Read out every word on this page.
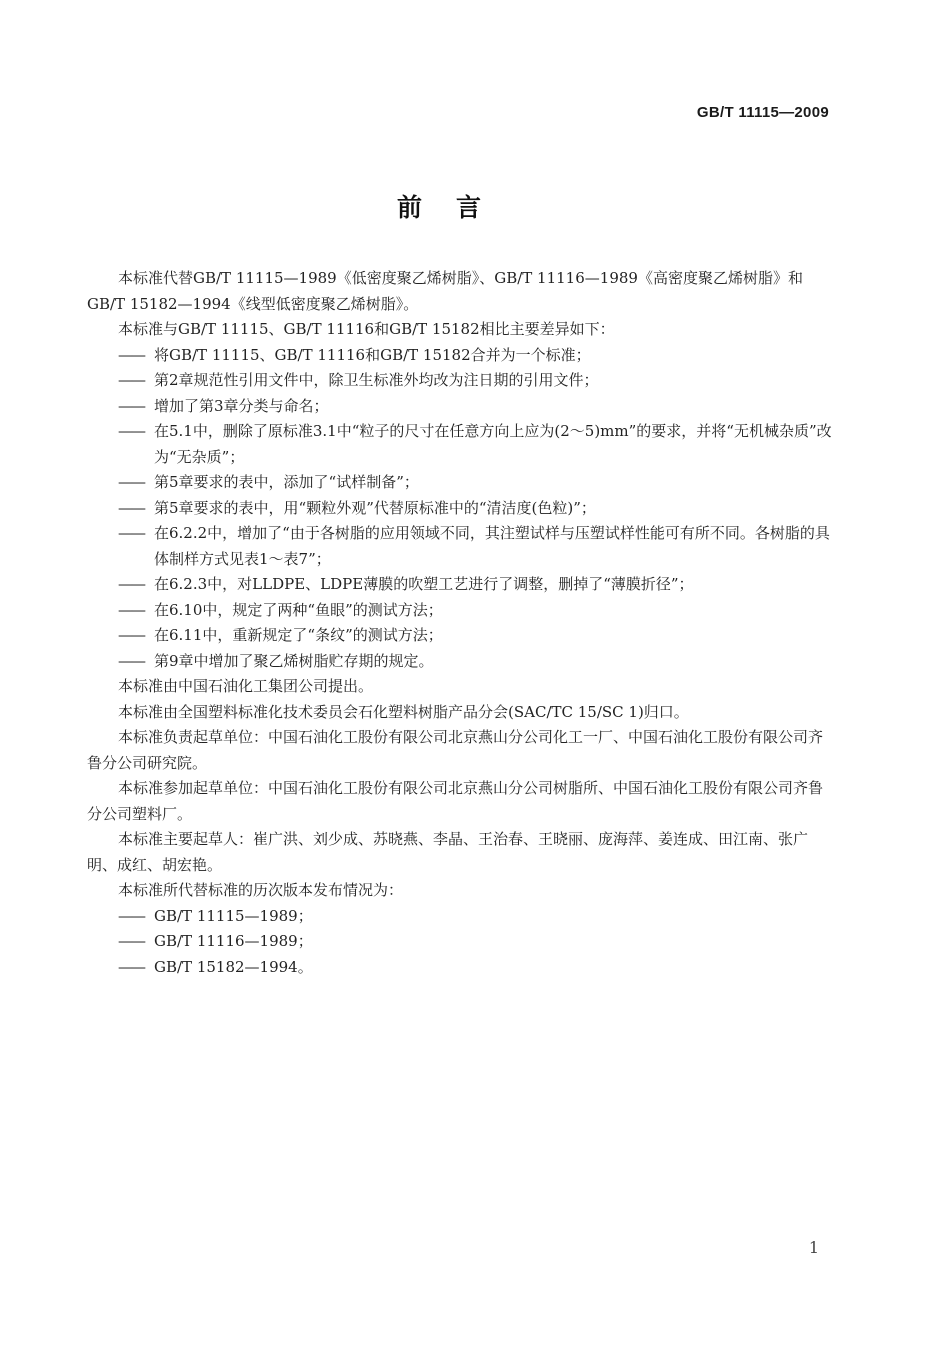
GB/T 11115—2009
前言

本标准代替GB/T 11115—1989《低密度聚乙烯树脂》、GB/T 11116—1989《高密度聚乙烯树脂》和GB/T 15182—1994《线型低密度聚乙烯树脂》。

本标准与GB/T 11115、GB/T 11116和GB/T 15182相比主要差异如下：

—— 将GB/T 11115、GB/T 11116和GB/T 15182合并为一个标准；

—— 第2章规范性引用文件中，除卫生标准外均改为注日期的引用文件；

—— 增加了第3章分类与命名；

—— 在5.1中，删除了原标准3.1中“粒子的尺寸在任意方向上应为(2～5)mm”的要求，并将“无机械杂质”改为“无杂质”；

—— 第5章要求的表中，添加了“试样制备”；

—— 第5章要求的表中，用“颗粒外观”代替原标准中的“清洁度(色粒)”；

—— 在6.2.2中，增加了“由于各树脂的应用领域不同，其注塑试样与压塑试样性能可有所不同。各树脂的具体制样方式见表1～表7”；

—— 在6.2.3中，对LLDPE、LDPE薄膜的吹塑工艺进行了调整，删掉了“薄膜折径”；

—— 在6.10中，规定了两种“鱼眼”的测试方法；

—— 在6.11中，重新规定了“条纹”的测试方法；

—— 第9章中增加了聚乙烯树脂贮存期的规定。

本标准由中国石油化工集团公司提出。

本标准由全国塑料标准化技术委员会石化塑料树脂产品分会(SAC/TC 15/SC 1)归口。

本标准负责起草单位：中国石油化工股份有限公司北京燕山分公司化工一厂、中国石油化工股份有限公司齐鲁分公司研究院。

本标准参加起草单位：中国石油化工股份有限公司北京燕山分公司树脂所、中国石油化工股份有限公司齐鲁分公司塑料厂。

本标准主要起草人：崔广洪、刘少成、苏晓燕、李晶、王治春、王晓丽、庞海萍、姜连成、田江南、张广明、成红、胡宏艳。

本标准所代替标准的历次版本发布情况为：

—— GB/T 11115—1989；

—— GB/T 11116—1989；

—— GB/T 15182—1994。

1
